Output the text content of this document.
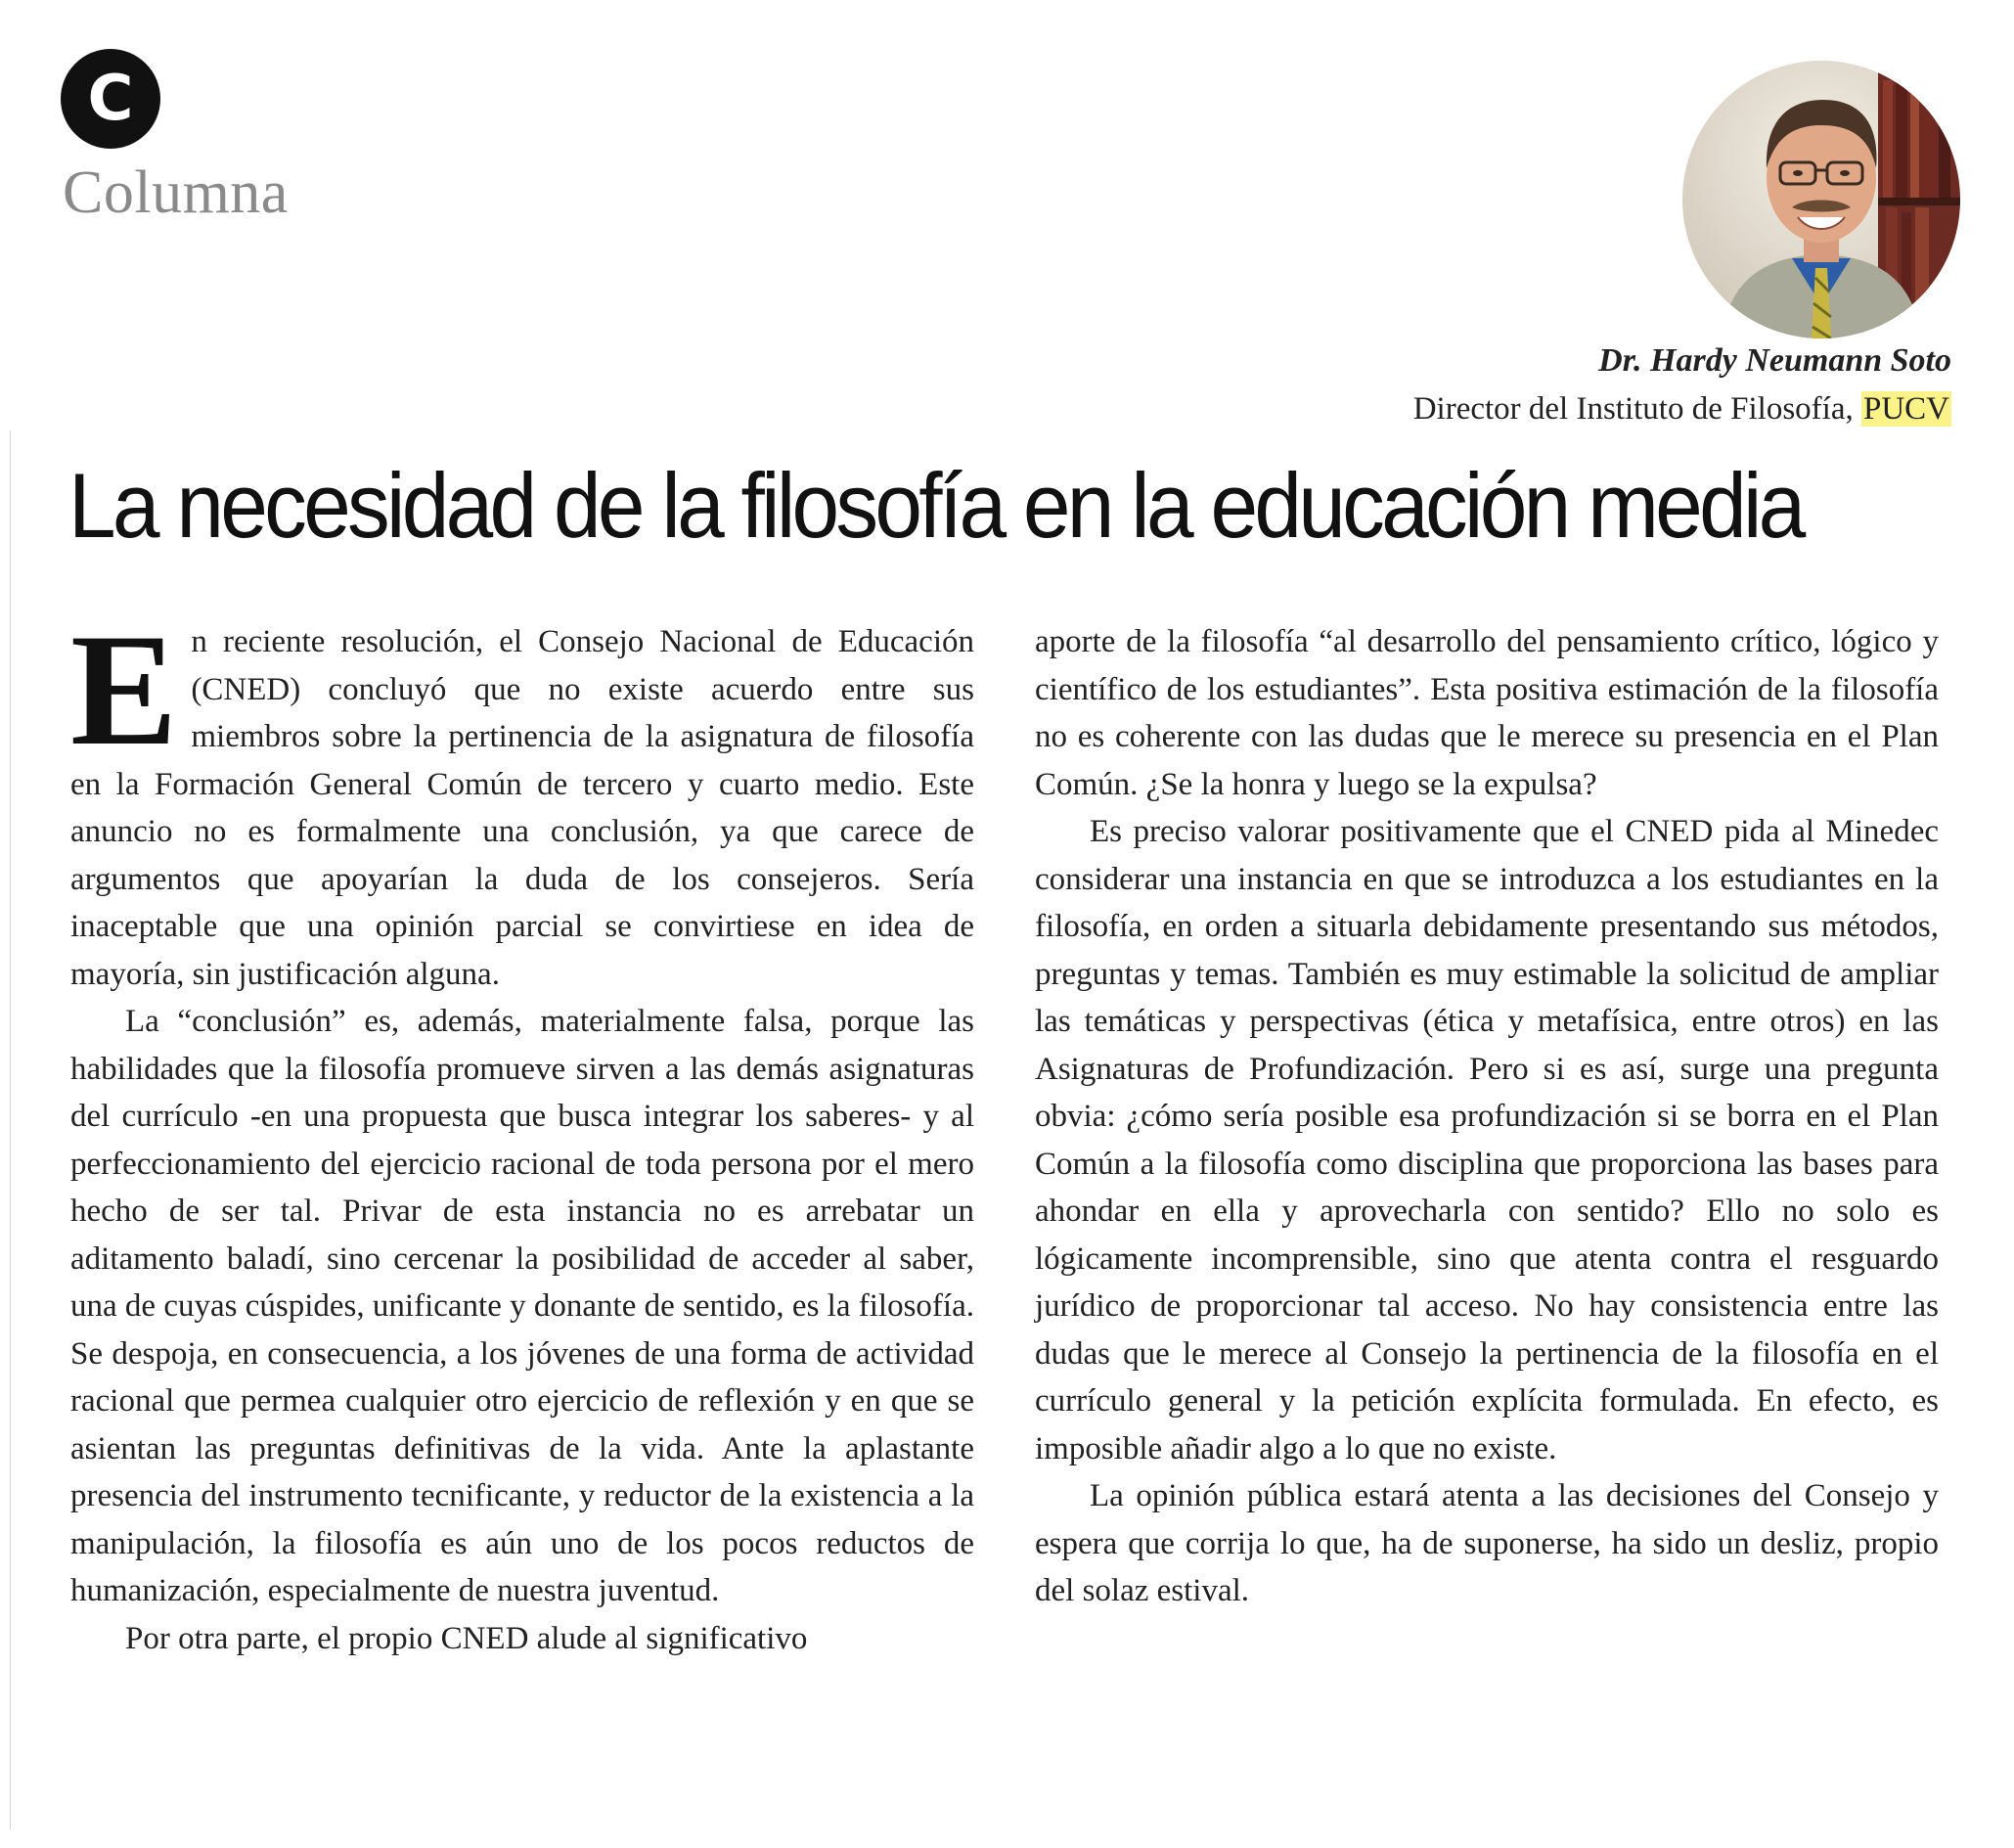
C
Columna
Dr. Hardy Neumann Soto
Director del Instituto de Filosofía, PUCV
La necesidad de la filosofía en la educación media

En reciente resolución, el Consejo Nacional de Educación (CNED) concluyó que no existe acuerdo entre sus miembros sobre la pertinencia de la asignatura de filosofía en la Formación General Común de tercero y cuarto medio. Este anuncio no es formalmente una conclusión, ya que carece de argumentos que apoyarían la duda de los consejeros. Sería inaceptable que una opinión parcial se convirtiese en idea de mayoría, sin justificación alguna.

La “conclusión” es, además, materialmente falsa, porque las habilidades que la filosofía promueve sirven a las demás asignaturas del currículo -en una propuesta que busca integrar los saberes- y al perfeccionamiento del ejercicio racional de toda persona por el mero hecho de ser tal. Privar de esta instancia no es arrebatar un aditamento baladí, sino cercenar la posibilidad de acceder al saber, una de cuyas cúspides, unificante y donante de sentido, es la filosofía. Se despoja, en consecuencia, a los jóvenes de una forma de actividad racional que permea cualquier otro ejercicio de reflexión y en que se asientan las preguntas definitivas de la vida. Ante la aplastante presencia del instrumento tecnificante, y reductor de la existencia a la manipulación, la filosofía es aún uno de los pocos reductos de humanización, especialmente de nuestra juventud.

Por otra parte, el propio CNED alude al significativo

aporte de la filosofía “al desarrollo del pensamiento crítico, lógico y científico de los estudiantes”. Esta positiva estimación de la filosofía no es coherente con las dudas que le merece su presencia en el Plan Común. ¿Se la honra y luego se la expulsa?

Es preciso valorar positivamente que el CNED pida al Minedec considerar una instancia en que se introduzca a los estudiantes en la filosofía, en orden a situarla debidamente presentando sus métodos, preguntas y temas. También es muy estimable la solicitud de ampliar las temáticas y perspectivas (ética y metafísica, entre otros) en las Asignaturas de Profundización. Pero si es así, surge una pregunta obvia: ¿cómo sería posible esa profundización si se borra en el Plan Común a la filosofía como disciplina que proporciona las bases para ahondar en ella y aprovecharla con sentido? Ello no solo es lógicamente incomprensible, sino que atenta contra el resguardo jurídico de proporcionar tal acceso. No hay consistencia entre las dudas que le merece al Consejo la pertinencia de la filosofía en el currículo general y la petición explícita formulada. En efecto, es imposible añadir algo a lo que no existe.

La opinión pública estará atenta a las decisiones del Consejo y espera que corrija lo que, ha de suponerse, ha sido un desliz, propio del solaz estival.
